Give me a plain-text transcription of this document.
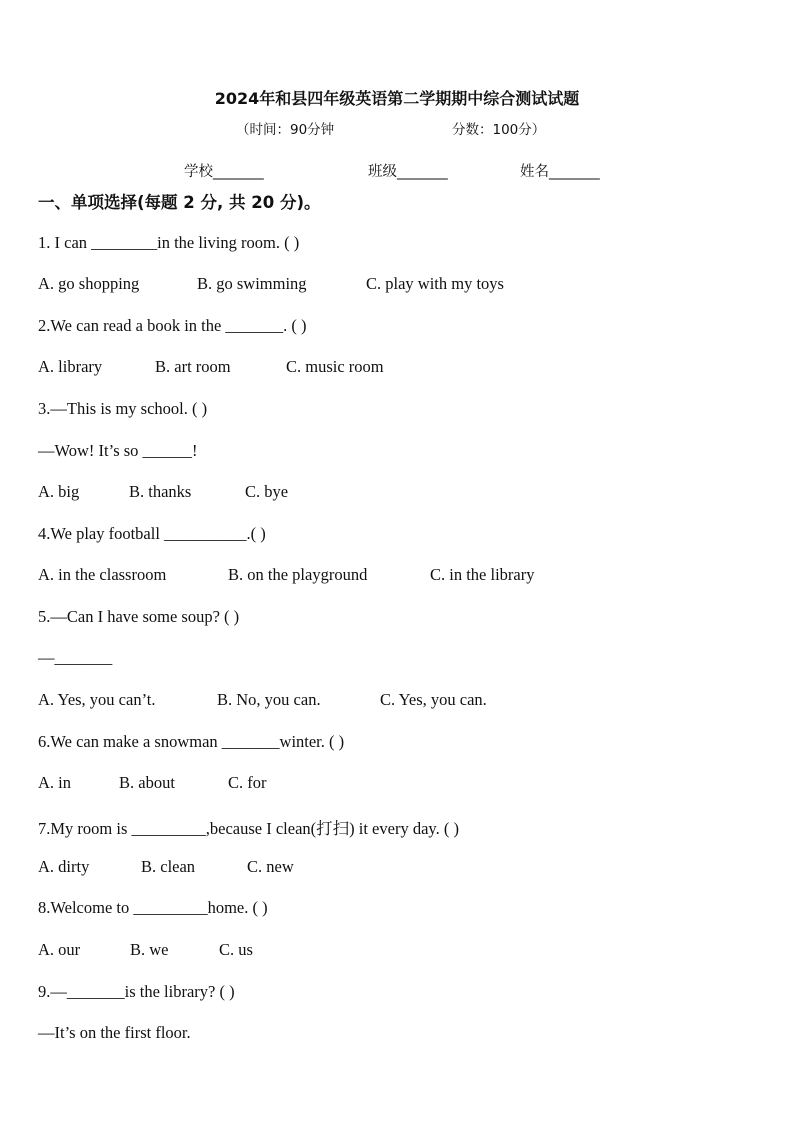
2024年和县四年级英语第二学期期中综合测试试题
（时间：90分钟	分数：100分）
学校_______	班级_______	姓名_______
一、单项选择(每题 2 分, 共 20 分)。
1. I can ________in the living room. ( )
A. go shopping	B. go swimming	C. play with my toys
2.We can read a book in the _______. ( )
A. library	B. art room	C. music room
3.—This is my school. ( )
—Wow! It’s so ______!
A. big	B. thanks	C. bye
4.We play football __________.( )
A. in the classroom	B. on the playground	C. in the library
5.—Can I have some soup? ( )
—_______
A. Yes, you can’t.	B. No, you can.	C. Yes, you can.
6.We can make a snowman _______winter. ( )
A. in	B. about	C. for
7.My room is _________,because I clean(打扫) it every day. ( )
A. dirty	B. clean	C. new
8.Welcome to _________home. ( )
A. our	B. we	C. us
9.—_______is the library? ( )
—It’s on the first floor.
